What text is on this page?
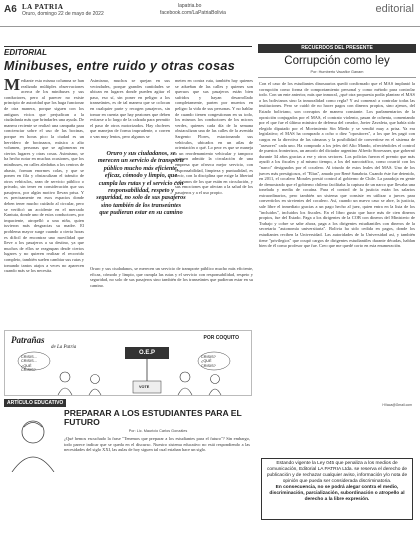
A6 LA PATRIA
Oruro, domingo 22 de mayo de 2022
lapatria.bo
facebook.com/LaPatriaBolivia	editorial
EDITORIAL
Minibuses, entre ruido y otras cosas
Mediante esta misma columna se han realizado múltiples observaciones acerca de los minibuses y sus conductores, pero al parecer no existe principio de autoridad que los haga funcionar de otra manera, porque siguen con los antiguos vicios que perjudican a la ciudadanía más que brindarles una ayuda. De manera reciente se realizó una campaña para concienciar sobre el uso de las bocinas, porque en horas pico la ciudad es un hervidero de bocinazos, música a alto volumen, personas que se aglomeran en ciertos lugares y otras cosas. Asimismo, se ha hecho notar en muchas ocasiones, que los minibuses, en calles aledañas a los centros de abasto, forman enormes colas, y que se ponen en fila y obstaculizan el tránsito de otros vehículos, sean de servicio público o privado, sin tener en consideración que sus pasajeros, por algún motivo llevan prisa. Y es precisamente en esos espacios donde deben tener mucho cuidado al circular, pero se verificó un accidente en el mercado Kantuta, donde uno de estos conductores, por impaciente, atropelló a una niña, quien tuvieron más desgracias su madre. El problema mayor surge cuando a cierta horas es difícil de encontrar uno movilidad que lleve a los pasajeros a su destino, ya que muchos de ellos se reagrupan desde ciertos lugares y no quieren realizar el recorrido completo, también suelen cambiar sus rutas y tomando tantos atajos a veces no aparecen cuando más se los necesita.
Asimismo, muchos se quejan en sus vecindades, porque grandes cantidades se ubican en lugares donde pueden agitar el paso, eso sí, sin poner en peligro a los transeúntes, es de tal manera que se colocan en cualquier parte y recogen pasajeros, sin tomar en cuenta que hay peatones que deben evitarse a lo largo de la calzada para permitir el paso de otros motorizados. Hay choferes que manejan de forma imprudente, o corren o van muy lentos, pero algunos se
meten en contra ruta, también hay quienes se adueñan de las calles y quienes son queruos que sus pasajeros están bien sufridos y hayan desarrollado completamente, parten por muertos en peligro la vida de sus personas. Y no hablar de cuando tienen congestionan en su todo, los mismos los conductores de los micros verdes, quienes cada día de la semana obstaculizan una de las calles de la avenida Sargento Flores, estacionando sus vehículos, ubicados en un atlas de orientación o qué. Lo peor es que se maneja a un reordenamiento vehicular y tampoco quieren admitir la circulación de una empresa que ofrezca mejor servicio, con responsabilidad, limpieza y puntualidad, es decir, con la disciplina que exige la libertad a algunos de los que están en circulación, y sus emociones que afectan a la salud de los pasajeros y a el uso propio.
Oruro y sus ciudadanos, se merecen un servicio de transporte público mucho más eficiente, eficaz, cómodo y limpio, que cumpla las rutas y el servicio con responsabilidad, respeto y seguridad, no solo de sus pasajeros sino también de los transeúntes que pudieran estar en su camino.
Oruro y sus ciudadanos, se merecen un servicio de transporte público mucho más eficiente, eficaz, cómodo y limpio, que cumpla las rutas y el servicio con responsabilidad, respeto y seguridad, no solo de sus pasajeros sino también de los transeúntes que pudieran estar en su camino
Patrañas
de La Patria
POR COQUITO
O.E.P
CRISIS... CRISIS... ¿QUÉ CRISIS?
CRISIS? ¿QUÉ CRISIS?
VOTE
ARTÍCULO EDUCATIVO
PREPARAR A LOS ESTUDIANTES PARA EL FUTURO
Por: Lic. Mauricio Carlos Gonzáles
¿Qué hemos escuchado la frase "Tenemos que preparar a los estudiantes para el futuro"? Sin embargo, todo parece indicar que se queda en el discurso. Nuestro sistema educativo no está respondiendo a las necesidades del siglo XXI, las aulas de hoy siguen tal cual estaban hace un siglo.
RECUERDOS DEL PRESENTE
Corrupción como ley
Por: Humberto Vacaflor Ganam
Con el caso de los estudiantes dinosaurios quedó confirmado que el MAS implantó la corrupción como forma de comportamiento personal y como método para controlar todo. Con un ente anterior, más que inmoral, ¿qué otra propuesta podía plantear el MAS a los bolivianos sino la inmoralidad como regla? Y así comenzó a controlar todas las instituciones. Pero se cuidó de no hacer pagos con dineros propios, sino ajenos, del Estado boliviano, son corruptos de manera constante. Los parlamentarios de la oposición conjugados por el MAS, el contrato violento, pasan de ochenta, comentando por el que fue el último ministro de defensa del creador, Javier Zavaleta, que había sido elegido diputado por el Movimiento Sin Miedo y se vendió muy a prisa. Ya era legislativo; el MAS ha comprado a ocho o diez "opositores", a los que les pagó con cargos en la directiva de las cámaras y la posibilidad de convertirse en el sistema de "asesores" cada uno. Ha comprado a los jefes del Alto Mando, ofreciéndoles el control de puestos fronterizos, un amorío del dictador argentino Alfredo Stroessner, que gobernó durante 34 años gracias a ese y otros sectores. Los policías fueron el premio que más ayudó a los fiscales y al mismo tiempo, a los del narcotráfico, como ocurrió con los "narco" designados por el cocalero. Al triunfo de estos leales del MAS. Uno de los jueces más prestigiosos, el "Elias", amado por René Sanabria. Cuando éste fue detenido, en 2011, el cocalero Morales prestó control al gobierno de Chile. La paradoja en gente de demostrado que el gobierno chileno facilitaba la captura de un narco que llevaba una tonelada y media de cocaína. Para el control de la justicia están los salarios extraordinarios, pero también un sistema que consiste en utilizar a jueces para convertirlos en sirvientes del cocalero. Así, cuando un nuevo caso se abre, la justicia, sale libre el inmediato gracias a un pago hecho al juez, quien entra en la lista de los "incluidos", incluidos los fiscales. En el libro gusto que hace más de cien dineros propios, fue del Estado. Paga a los dirigentes de la COB con dineros del Ministerio de Trabajo y cobre se sabe ahora, paga a los dirigentes estudiantiles con dineros de la secretaría "autonomía universitaria". Bolivia ha sido cedida en pagos, donde los estudiantes reciben la Universidad. Las autoridades de la Universidad así, y también tiene "privilegios" que ocupó cargos de dirigentes estudiantiles durante décadas, hablan bien de él como profesor que fue. Creo que me quedé corto en esta enumeración.
HVaca@Gmail.com
Estando vigente la Ley 045 que penaliza a los medios de comunicación, Editorial LA PATRIA Ltda. se reserva el derecho de publicación y de rechazar cualquier aviso, información y/o nota de opinión que pueda ser considerada discriminatoria.
En consecuencia, no se podrá alegar contra el medio, discriminación, parcialización, subordinación o atropello al derecho a la libre expresión.
